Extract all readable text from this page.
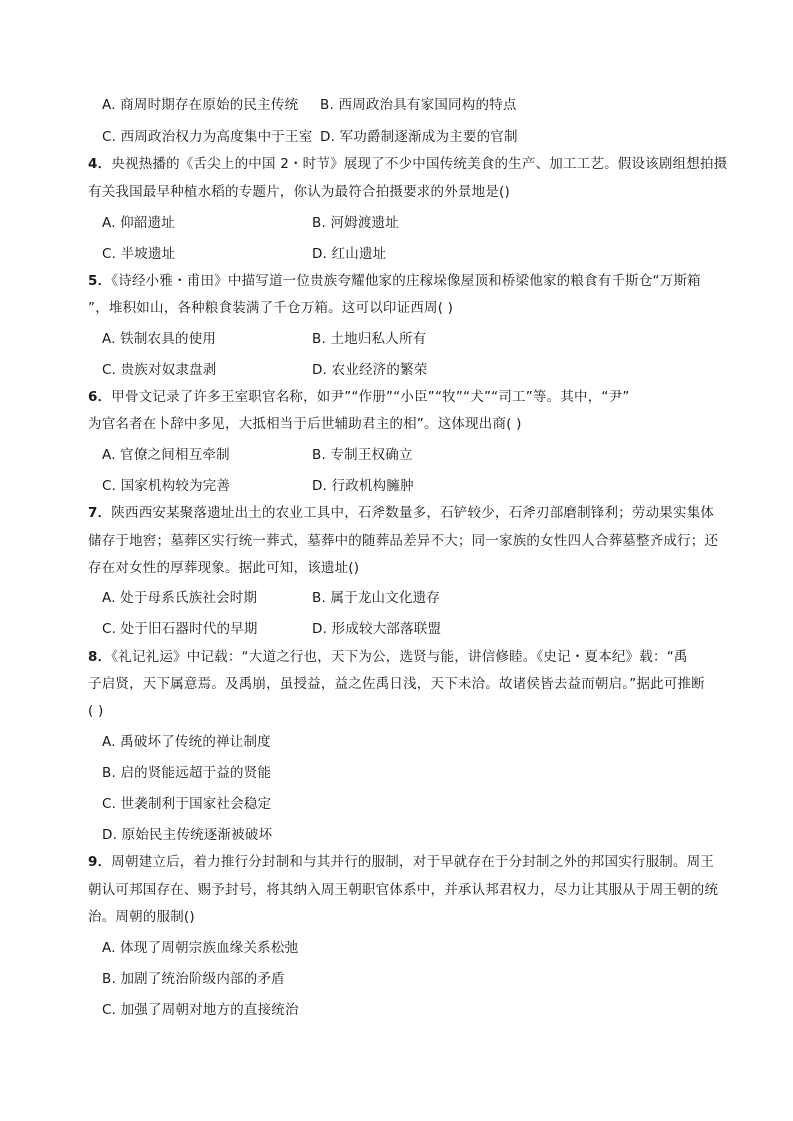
A. 商周时期存在原始的民主传统 B. 西周政治具有家国同构的特点
C. 西周政治权力为高度集中于王室 D. 军功爵制逐渐成为主要的官制
4．央视热播的《舌尖上的中国 2・时节》展现了不少中国传统美食的生产、加工工艺。假设该剧组想拍摄
有关我国最早种植水稻的专题片，你认为最符合拍摄要求的外景地是()
A. 仰韶遗址	B. 河姆渡遗址
C. 半坡遗址	D. 红山遗址
5．《诗经小雅・甫田》中描写道一位贵族夸耀他家的庄稼垛像屋顶和桥梁他家的粮食有千斯仓“万斯箱
”，堆积如山，各种粮食装满了千仓万箱。这可以印证西周( )
A. 铁制农具的使用	B. 土地归私人所有
C. 贵族对奴隶盘剥	D. 农业经济的繁荣
6．甲骨文记录了许多王室职官名称，如尹”“作册”“小臣”“牧”“犬”“司工”等。其中，“尹”
为官名者在卜辞中多见，大抵相当于后世辅助君主的相”。这体现出商( )
A. 官僚之间相互牵制	B. 专制王权确立
C. 国家机构较为完善	D. 行政机构臃肿
7．陕西西安某聚落遗址出土的农业工具中，石斧数量多，石铲较少，石斧刃部磨制锋利；劳动果实集体
储存于地窖；墓葬区实行统一葬式，墓葬中的随葬品差异不大；同一家族的女性四人合葬墓整齐成行；还
存在对女性的厚葬现象。据此可知，该遗址()
A. 处于母系氏族社会时期	B. 属于龙山文化遗存
C. 处于旧石器时代的早期	D. 形成较大部落联盟
8．《礼记礼运》中记载：“大道之行也，天下为公，选贤与能，讲信修睦。《史记・夏本纪》载：“禹
子启贤，天下属意焉。及禹崩，虽授益，益之佐禹日浅，天下未洽。故诸侯皆去益而朝启。”据此可推断
( )
A. 禹破坏了传统的禅让制度
B. 启的贤能远超于益的贤能
C. 世袭制利于国家社会稳定
D. 原始民主传统逐渐被破坏
9．周朝建立后，着力推行分封制和与其并行的服制，对于早就存在于分封制之外的邦国实行服制。周王
朝认可邦国存在、赐予封号，将其纳入周王朝职官体系中，并承认邦君权力，尽力让其服从于周王朝的统
治。周朝的服制()
A. 体现了周朝宗族血缘关系松弛
B. 加剧了统治阶级内部的矛盾
C. 加强了周朝对地方的直接统治
